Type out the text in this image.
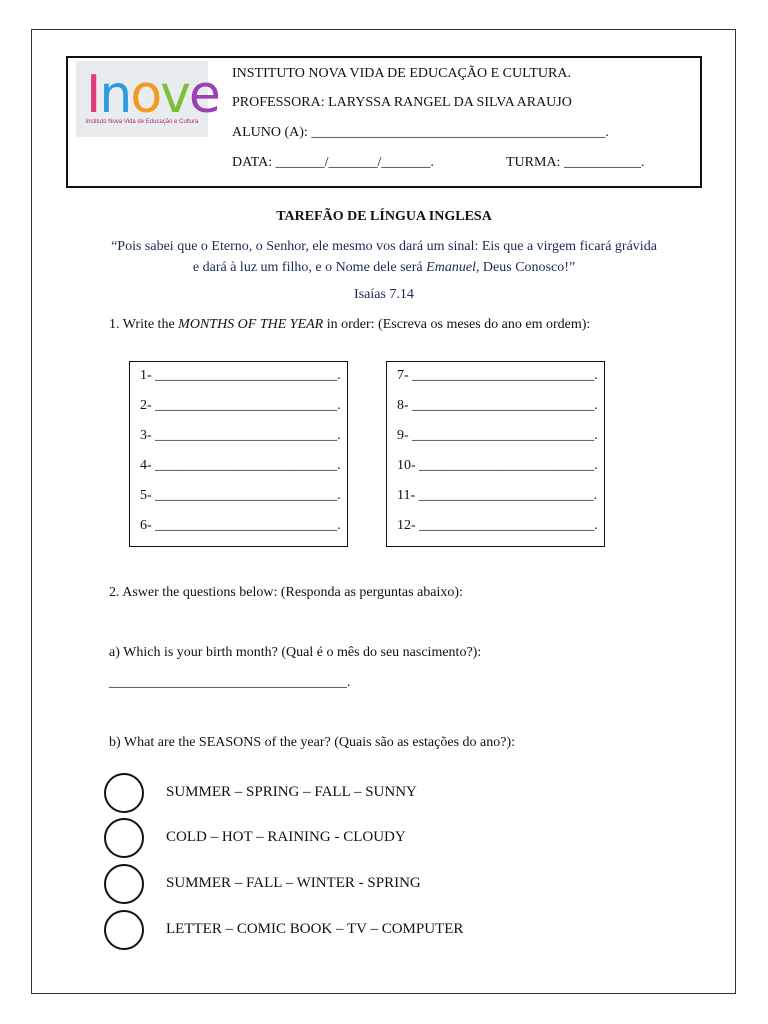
Inove
Instituto Nova Vida de Educação e Cultura
INSTITUTO NOVA VIDA DE EDUCAÇÃO E CULTURA.
PROFESSORA: LARYSSA RANGEL DA SILVA ARAUJO
ALUNO (A): __________________________________________.
DATA: _______/_______/_______.	TURMA: ___________.
TAREFÃO DE LÍNGUA INGLESA
“Pois sabei que o Eterno, o Senhor, ele mesmo vos dará um sinal: Eis que a virgem ficará grávida e dará à luz um filho, e o Nome dele será Emanuel, Deus Conosco!”
Isaías 7.14
1. Write the MONTHS OF THE YEAR in order: (Escreva os meses do ano em ordem):
1- __________________________.
2- __________________________.
3- __________________________.
4- __________________________.
5- __________________________.
6- __________________________.
7- __________________________.
8- __________________________.
9- __________________________.
10- _________________________.
11- _________________________.
12- _________________________.
2. Aswer the questions below: (Responda as perguntas abaixo):
a) Which is your birth month? (Qual é o mês do seu nascimento?):
__________________________________.
b) What are the SEASONS of the year? (Quais são as estações do ano?):
SUMMER – SPRING – FALL – SUNNY
COLD – HOT – RAINING - CLOUDY
SUMMER – FALL – WINTER - SPRING
LETTER – COMIC BOOK – TV – COMPUTER
